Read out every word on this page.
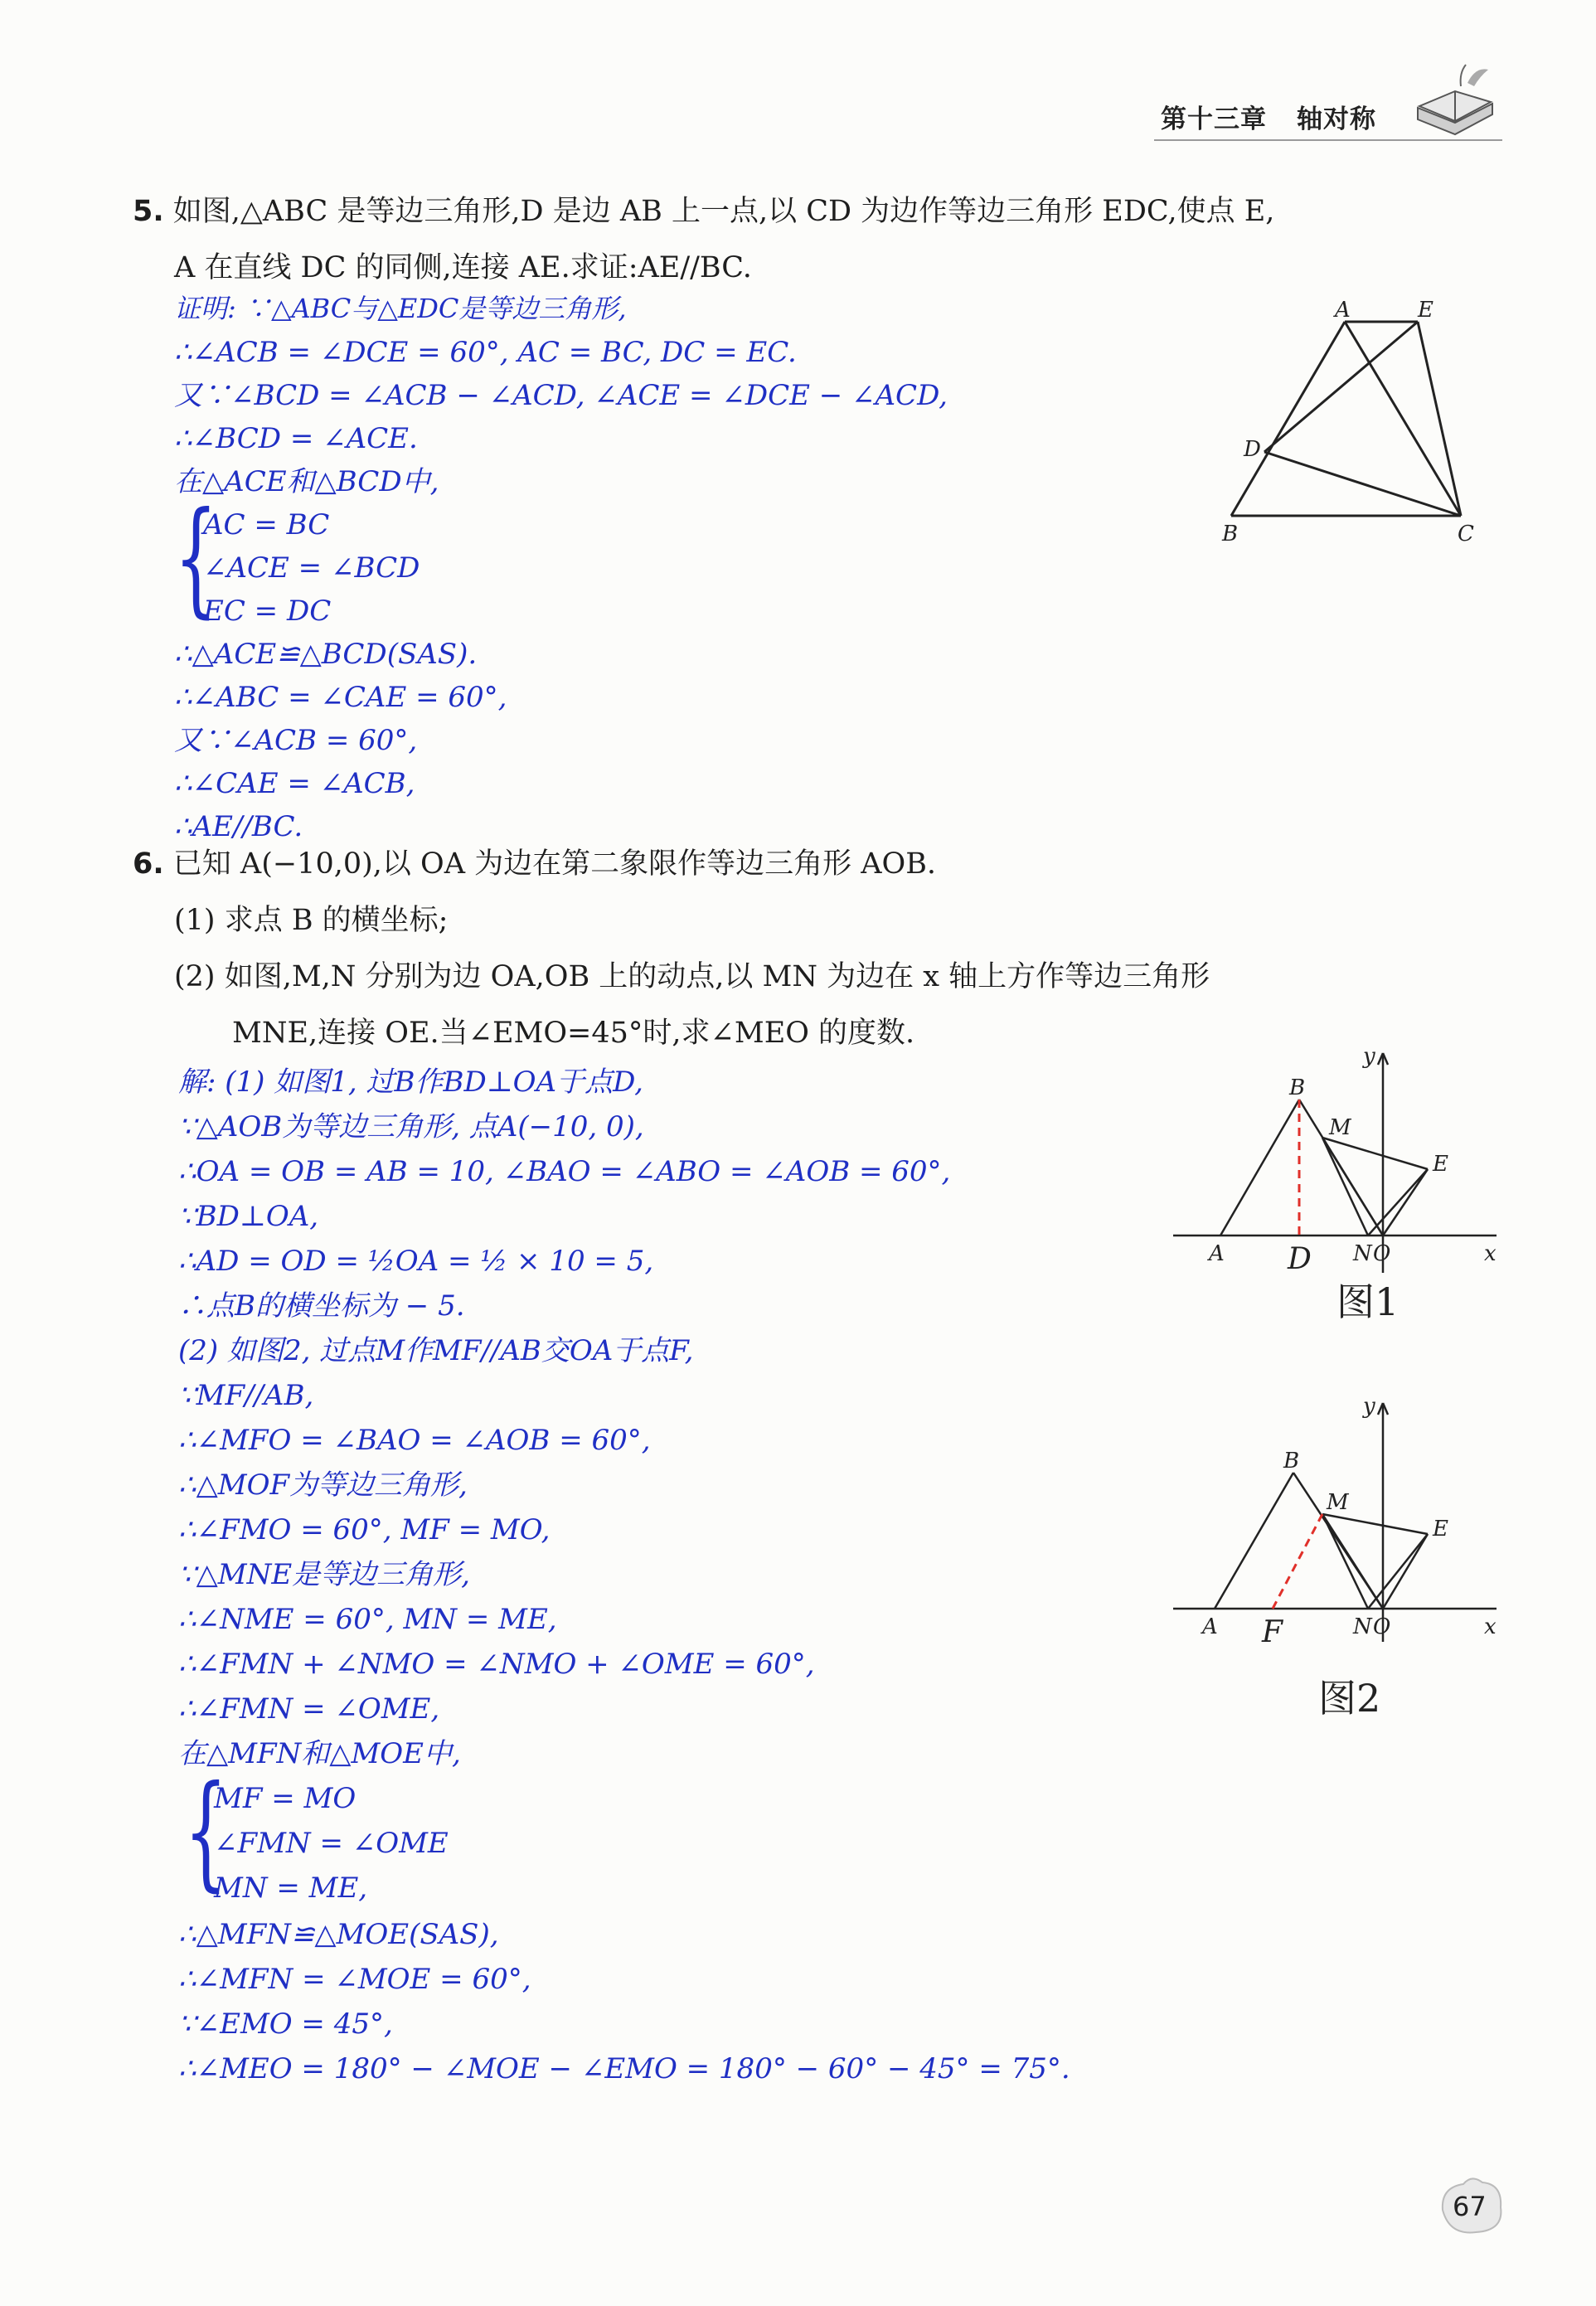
第十三章 轴对称
5. 如图,△ABC 是等边三角形,D 是边 AB 上一点,以 CD 为边作等边三角形 EDC,使点 E,
A 在直线 DC 的同侧,连接 AE.求证:AE//BC.
证明: ∵△ABC与△EDC是等边三角形,
∴∠ACB = ∠DCE = 60°, AC = BC, DC = EC.
又∵∠BCD = ∠ACB − ∠ACD, ∠ACE = ∠DCE − ∠ACD,
∴∠BCD = ∠ACE.
在△ACE和△BCD中,
{
AC = BC
∠ACE = ∠BCD
EC = DC
∴△ACE≌△BCD(SAS).
∴∠ABC = ∠CAE = 60°,
又∵∠ACB = 60°,
∴∠CAE = ∠ACB,
∴AE//BC.
A	E
D
B	C
6. 已知 A(−10,0),以 OA 为边在第二象限作等边三角形 AOB.
(1) 求点 B 的横坐标;
(2) 如图,M,N 分别为边 OA,OB 上的动点,以 MN 为边在 x 轴上方作等边三角形
MNE,连接 OE.当∠EMO=45°时,求∠MEO 的度数.
解: (1) 如图1, 过B作BD⊥OA于点D,
∵△AOB为等边三角形, 点A(−10, 0),
∴OA = OB = AB = 10, ∠BAO = ∠ABO = ∠AOB = 60°,
∵BD⊥OA,
∴AD = OD = ½OA = ½ × 10 = 5,
∴点B的横坐标为 − 5.
(2) 如图2, 过点M作MF//AB交OA于点F,
∵MF//AB,
∴∠MFO = ∠BAO = ∠AOB = 60°,
∴△MOF为等边三角形,
∴∠FMO = 60°, MF = MO,
∵△MNE是等边三角形,
∴∠NME = 60°, MN = ME,
∴∠FMN + ∠NMO = ∠NMO + ∠OME = 60°,
∴∠FMN = ∠OME,
在△MFN和△MOE中,
{
MF = MO
∠FMN = ∠OME
MN = ME,
∴△MFN≌△MOE(SAS),
∴∠MFN = ∠MOE = 60°,
∵∠EMO = 45°,
∴∠MEO = 180° − ∠MOE − ∠EMO = 180° − 60° − 45° = 75°.
y
B
M
E
A D N O	x
图1
y
B
M
E
A F	N O	x
图2
67
